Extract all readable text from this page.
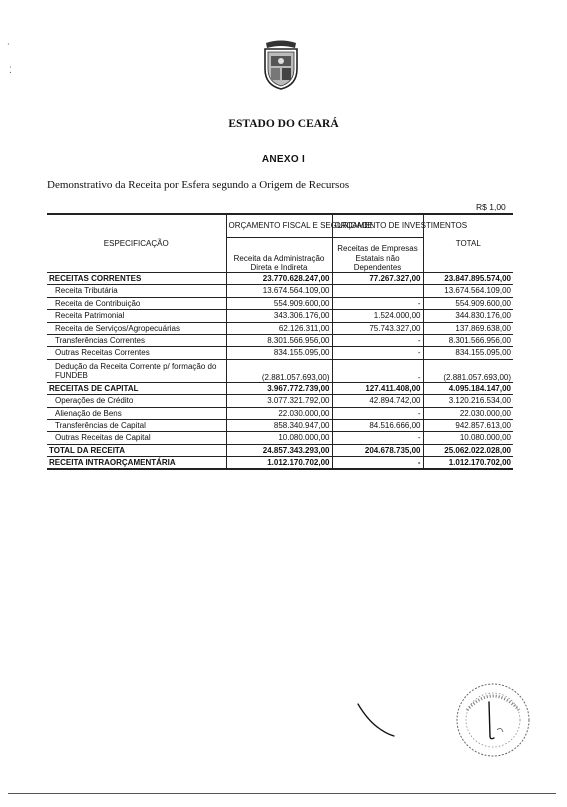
⸒
⁚
ESTADO DO CEARÁ
ANEXO I
Demonstrativo da Receita por Esfera segundo a Origem de Recursos
R$ 1,00
ESPECIFICAÇÃO	ORÇAMENTO FISCAL E SEGURIDADE	ORÇAMENTO DE INVESTIMENTOS	TOTAL
	Receita da Administração Direta e Indireta	Receitas de Empresas Estatais não Dependentes	
RECEITAS CORRENTES	23.770.628.247,00	77.267.327,00	23.847.895.574,00
Receita Tributária	13.674.564.109,00		13.674.564.109,00
Receita de Contribuição	554.909.600,00	-	554.909.600,00
Receita Patrimonial	343.306.176,00	1.524.000,00	344.830.176,00
Receita de Serviços/Agropecuárias	62.126.311,00	75.743.327,00	137.869.638,00
Transferências Correntes	8.301.566.956,00	-	8.301.566.956,00
Outras Receitas Correntes	834.155.095,00	-	834.155.095,00
Dedução da Receita Corrente p/ formação do FUNDEB	(2.881.057.693,00)	-	(2.881.057.693,00)
RECEITAS DE CAPITAL	3.967.772.739,00	127.411.408,00	4.095.184.147,00
Operações de Crédito	3.077.321.792,00	42.894.742,00	3.120.216.534,00
Alienação de Bens	22.030.000,00	-	22.030.000,00
Transferências de Capital	858.340.947,00	84.516.666,00	942.857.613,00
Outras Receitas de Capital	10.080.000,00	-	10.080.000,00
TOTAL DA RECEITA	24.857.343.293,00	204.678.735,00	25.062.022.028,00
RECEITA INTRAORÇAMENTÁRIA	1.012.170.702,00	-	1.012.170.702,00
